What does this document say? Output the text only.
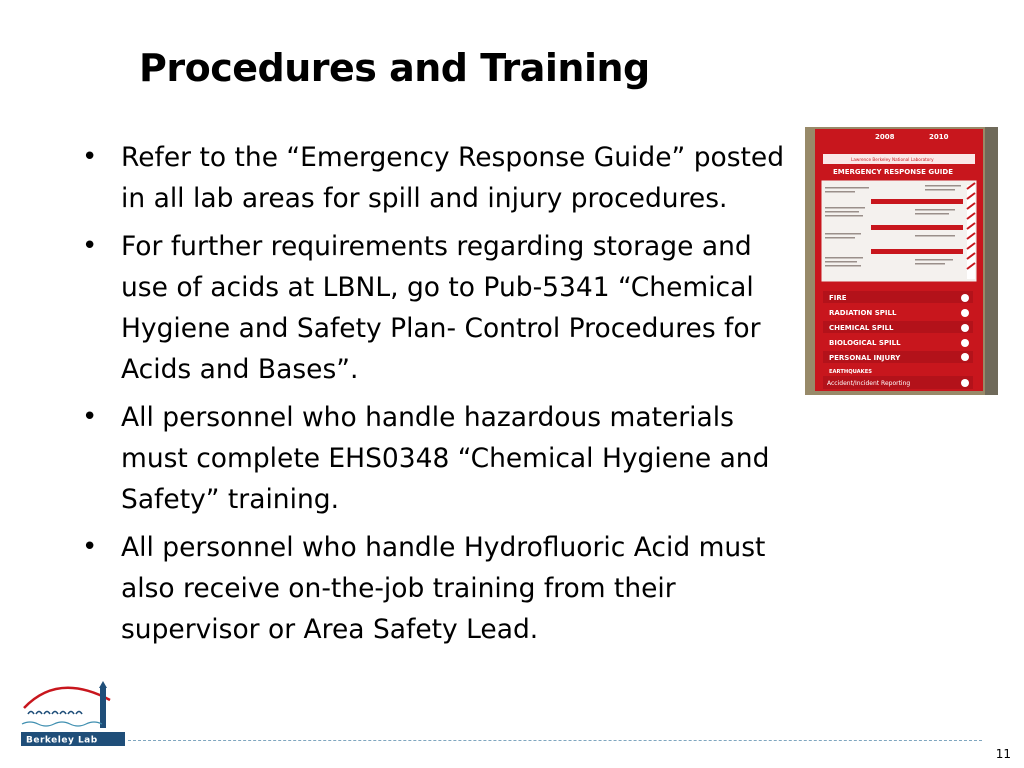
Procedures and Training
• Refer to the “Emergency Response Guide” posted in all lab areas for spill and injury procedures.
• For further requirements regarding storage and use of acids at LBNL, go to Pub-5341 “Chemical Hygiene and Safety Plan- Control Procedures for Acids and Bases”.
• All personnel who handle hazardous materials must complete EHS0348 “Chemical Hygiene and Safety” training.
• All personnel who handle Hydrofluoric Acid must also receive on-the-job training from their supervisor or Area Safety Lead.
2008	2010
Lawrence Berkeley National Laboratory
EMERGENCY RESPONSE GUIDE
FIRE
RADIATION SPILL
CHEMICAL SPILL
BIOLOGICAL SPILL
PERSONAL INJURY
EARTHQUAKES
Accident/Incident Reporting
Berkeley Lab
11
